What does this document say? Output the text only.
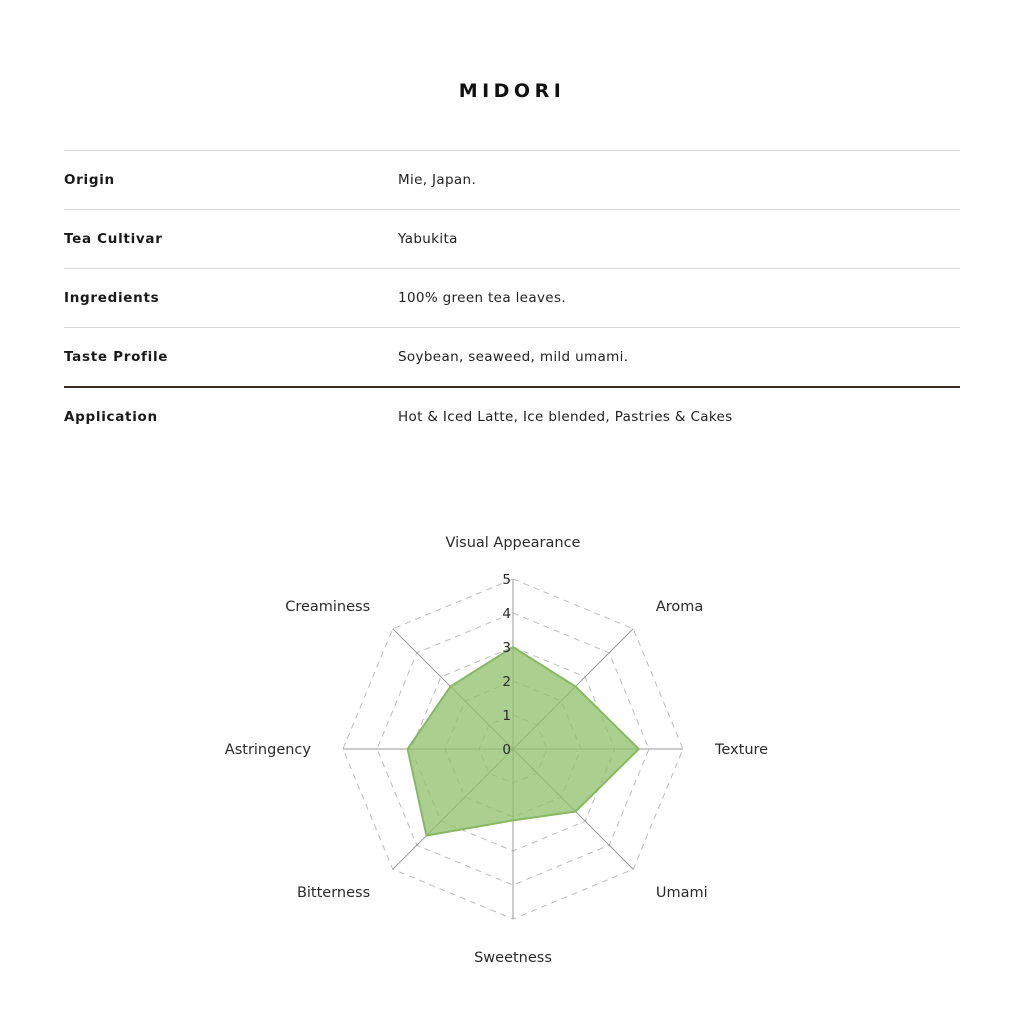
MIDORI
Origin	Mie, Japan.
Tea Cultivar	Yabukita
Ingredients	100% green tea leaves.
Taste Profile	Soybean, seaweed, mild umami.
Application	Hot & Iced Latte, Ice blended, Pastries & Cakes
0
1
2
3
4
5
Visual Appearance
Aroma
Texture
Umami
Sweetness
Bitterness
Astringency
Creaminess
